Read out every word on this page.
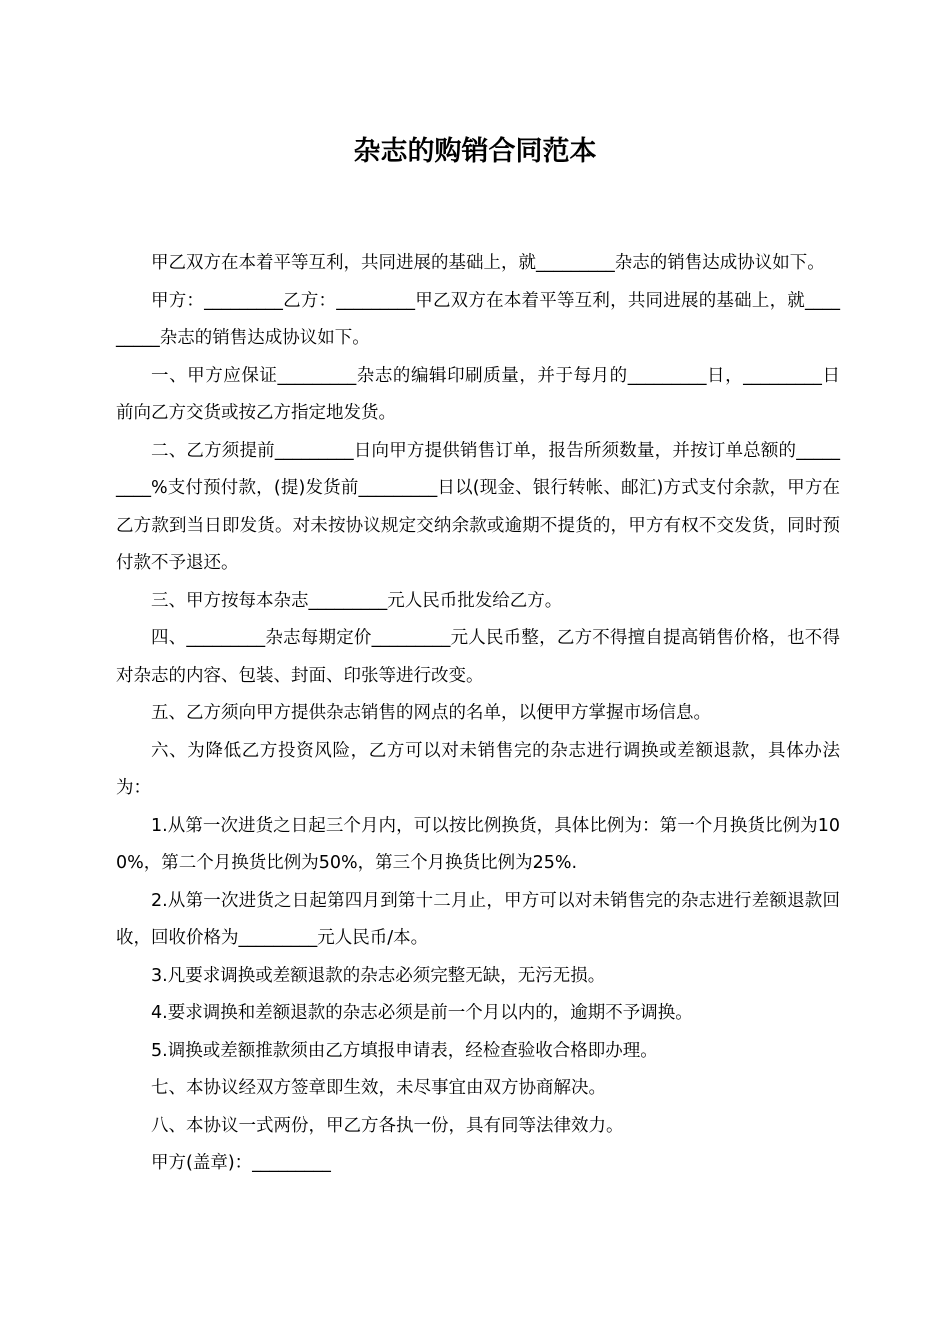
杂志的购销合同范本

甲乙双方在本着平等互利，共同进展的基础上，就_________杂志的销售达成协议如下。

甲方：_________乙方：_________甲乙双方在本着平等互利，共同进展的基础上，就_________杂志的销售达成协议如下。

一、甲方应保证_________杂志的编辑印刷质量，并于每月的_________日，_________日前向乙方交货或按乙方指定地发货。

二、乙方须提前_________日向甲方提供销售订单，报告所须数量，并按订单总额的_________%支付预付款，(提)发货前_________日以(现金、银行转帐、邮汇)方式支付余款，甲方在乙方款到当日即发货。对未按协议规定交纳余款或逾期不提货的，甲方有权不交发货，同时预付款不予退还。

三、甲方按每本杂志_________元人民币批发给乙方。

四、_________杂志每期定价_________元人民币整，乙方不得擅自提高销售价格，也不得对杂志的内容、包装、封面、印张等进行改变。

五、乙方须向甲方提供杂志销售的网点的名单，以便甲方掌握市场信息。

六、为降低乙方投资风险，乙方可以对未销售完的杂志进行调换或差额退款，具体办法为：

1.从第一次进货之日起三个月内，可以按比例换货，具体比例为：第一个月换货比例为100%，第二个月换货比例为50%，第三个月换货比例为25%.

2.从第一次进货之日起第四月到第十二月止，甲方可以对未销售完的杂志进行差额退款回收，回收价格为_________元人民币/本。

3.凡要求调换或差额退款的杂志必须完整无缺，无污无损。

4.要求调换和差额退款的杂志必须是前一个月以内的，逾期不予调换。

5.调换或差额推款须由乙方填报申请表，经检查验收合格即办理。

七、本协议经双方签章即生效，未尽事宜由双方协商解决。

八、本协议一式两份，甲乙方各执一份，具有同等法律效力。

甲方(盖章)：_________
